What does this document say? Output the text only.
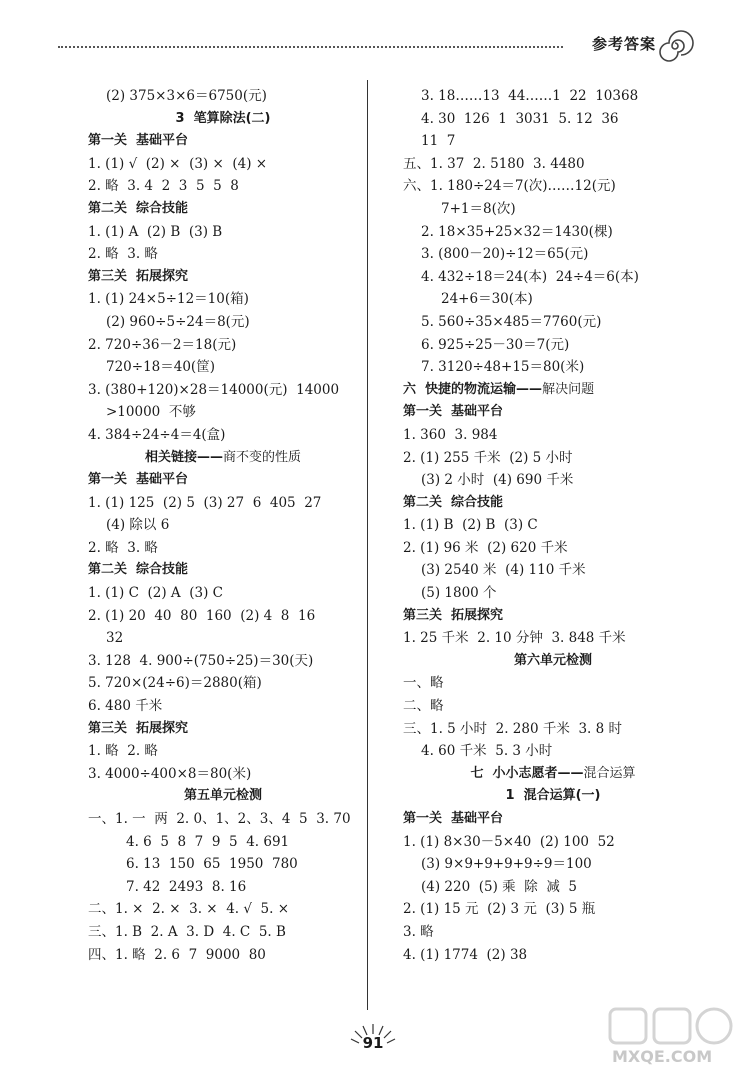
参考答案
(2) 375×3×6＝6750(元)
3  笔算除法(二)
第一关  基础平台
1. (1) √  (2) ×  (3) ×  (4) ×
2. 略  3. 4  2  3  5  5  8
第二关  综合技能
1. (1) A  (2) B  (3) B
2. 略  3. 略
第三关  拓展探究
1. (1) 24×5÷12＝10(箱)
(2) 960÷5÷24＝8(元)
2. 720÷36－2＝18(元)
720÷18＝40(筐)
3. (380+120)×28＝14000(元)  14000
>10000  不够
4. 384÷24÷4＝4(盒)
相关链接——商不变的性质
第一关  基础平台
1. (1) 125  (2) 5  (3) 27  6  405  27
(4) 除以 6
2. 略  3. 略
第二关  综合技能
1. (1) C  (2) A  (3) C
2. (1) 20  40  80  160  (2) 4  8  16
32
3. 128  4. 900÷(750÷25)＝30(天)
5. 720×(24÷6)＝2880(箱)
6. 480 千米
第三关  拓展探究
1. 略  2. 略
3. 4000÷400×8＝80(米)
第五单元检测
一、1. 一  两  2. 0、1、2、3、4  5  3. 70
4. 6  5  8  7  9  5  4. 691
6. 13  150  65  1950  780
7. 42  2493  8. 16
二、1. ×  2. ×  3. ×  4. √  5. ×
三、1. B  2. A  3. D  4. C  5. B
四、1. 略  2. 6  7  9000  80
3. 18……13  44……1  22  10368
4. 30  126  1  3031  5. 12  36
11  7
五、1. 37  2. 5180  3. 4480
六、1. 180÷24＝7(次)……12(元)
7+1＝8(次)
2. 18×35+25×32＝1430(棵)
3. (800－20)÷12＝65(元)
4. 432÷18＝24(本)  24÷4＝6(本)
24+6＝30(本)
5. 560÷35×485＝7760(元)
6. 925÷25－30＝7(元)
7. 3120÷48+15＝80(米)
六  快捷的物流运输——解决问题
第一关  基础平台
1. 360  3. 984
2. (1) 255 千米  (2) 5 小时
(3) 2 小时  (4) 690 千米
第二关  综合技能
1. (1) B  (2) B  (3) C
2. (1) 96 米  (2) 620 千米
(3) 2540 米  (4) 110 千米
(5) 1800 个
第三关  拓展探究
1. 25 千米  2. 10 分钟  3. 848 千米
第六单元检测
一、略
二、略
三、1. 5 小时  2. 280 千米  3. 8 时
4. 60 千米  5. 3 小时
七  小小志愿者——混合运算
1  混合运算(一)
第一关  基础平台
1. (1) 8×30－5×40  (2) 100  52
(3) 9×9+9+9+9÷9＝100
(4) 220  (5) 乘  除  减  5
2. (1) 15 元  (2) 3 元  (3) 5 瓶
3. 略
4. (1) 1774  (2) 38
91
MXQE.COM
